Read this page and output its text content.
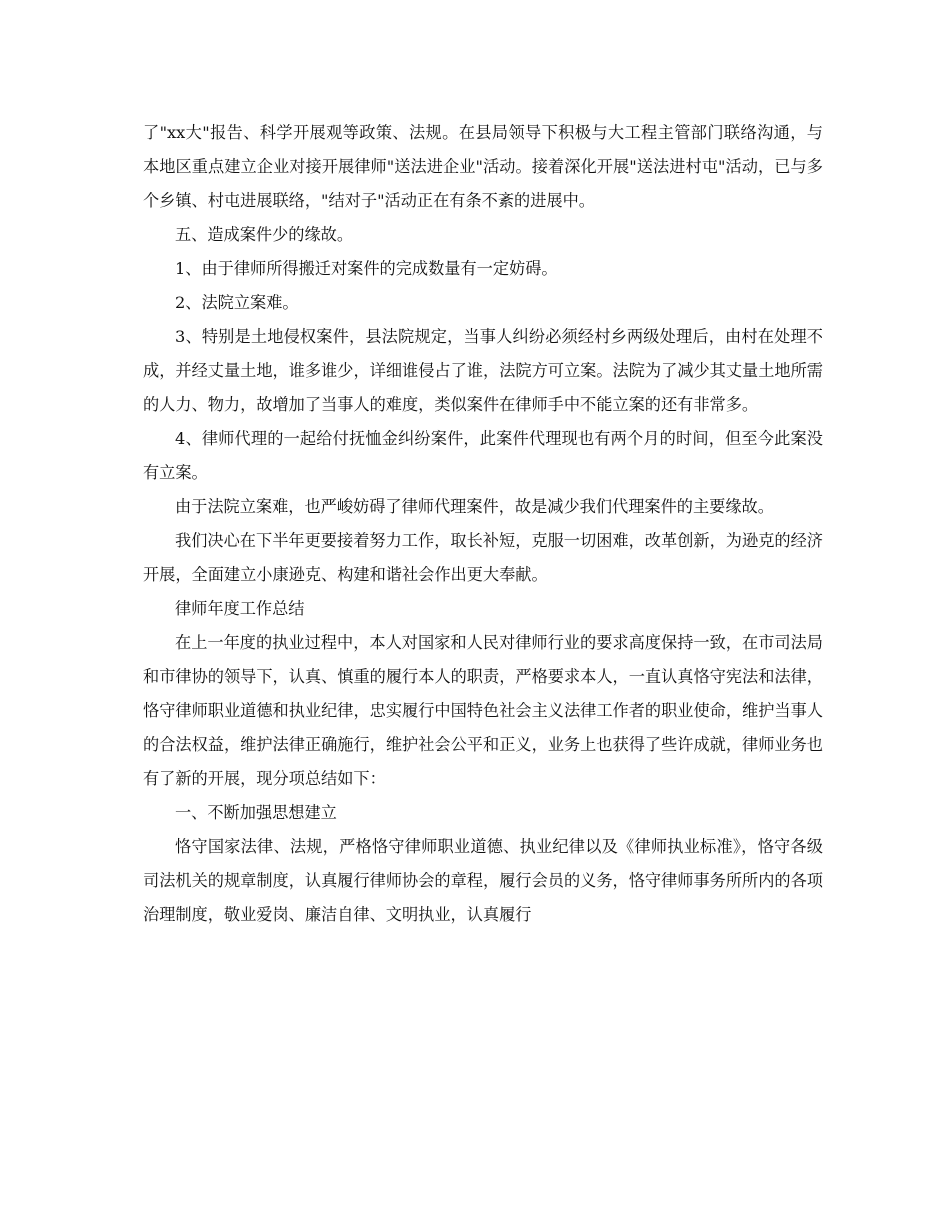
了"xx大"报告、科学开展观等政策、法规。在县局领导下积极与大工程主管部门联络沟通，与本地区重点建立企业对接开展律师"送法进企业"活动。接着深化开展"送法进村屯"活动，已与多个乡镇、村屯进展联络，"结对子"活动正在有条不紊的进展中。

五、造成案件少的缘故。

1、由于律师所得搬迁对案件的完成数量有一定妨碍。

2、法院立案难。

3、特别是土地侵权案件，县法院规定，当事人纠纷必须经村乡两级处理后，由村在处理不成，并经丈量土地，谁多谁少，详细谁侵占了谁，法院方可立案。法院为了减少其丈量土地所需的人力、物力，故增加了当事人的难度，类似案件在律师手中不能立案的还有非常多。

4、律师代理的一起给付抚恤金纠纷案件，此案件代理现也有两个月的时间，但至今此案没有立案。

由于法院立案难，也严峻妨碍了律师代理案件，故是减少我们代理案件的主要缘故。

我们决心在下半年更要接着努力工作，取长补短，克服一切困难，改革创新，为逊克的经济开展，全面建立小康逊克、构建和谐社会作出更大奉献。

律师年度工作总结

在上一年度的执业过程中，本人对国家和人民对律师行业的要求高度保持一致，在市司法局和市律协的领导下，认真、慎重的履行本人的职责，严格要求本人，一直认真恪守宪法和法律，恪守律师职业道德和执业纪律，忠实履行中国特色社会主义法律工作者的职业使命，维护当事人的合法权益，维护法律正确施行，维护社会公平和正义，业务上也获得了些许成就，律师业务也有了新的开展，现分项总结如下：

一、不断加强思想建立

恪守国家法律、法规，严格恪守律师职业道德、执业纪律以及《律师执业标准》，恪守各级司法机关的规章制度，认真履行律师协会的章程，履行会员的义务，恪守律师事务所所内的各项治理制度，敬业爱岗、廉洁自律、文明执业，认真履行
